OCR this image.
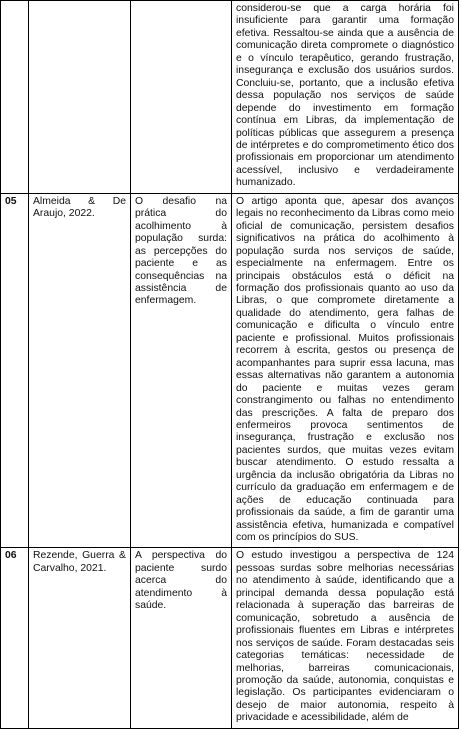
			considerou-se que a carga horária foi insuficiente para garantir uma formação efetiva. Ressaltou-se ainda que a ausência de comunicação direta compromete o diagnóstico e o vínculo terapêutico, gerando frustração, insegurança e exclusão dos usuários surdos. Concluiu-se, portanto, que a inclusão efetiva dessa população nos serviços de saúde depende do investimento em formação contínua em Libras, da implementação de políticas públicas que assegurem a presença de intérpretes e do comprometimento ético dos profissionais em proporcionar um atendimento acessível, inclusivo e verdadeiramente humanizado.
05	Almeida & De Araujo, 2022.	O desafio na prática do acolhimento à população surda: as percepções do paciente e as consequências na assistência de enfermagem.	O artigo aponta que, apesar dos avanços legais no reconhecimento da Libras como meio oficial de comunicação, persistem desafios significativos na prática do acolhimento à população surda nos serviços de saúde, especialmente na enfermagem. Entre os principais obstáculos está o déficit na formação dos profissionais quanto ao uso da Libras, o que compromete diretamente a qualidade do atendimento, gera falhas de comunicação e dificulta o vínculo entre paciente e profissional. Muitos profissionais recorrem à escrita, gestos ou presença de acompanhantes para suprir essa lacuna, mas essas alternativas não garantem a autonomia do paciente e muitas vezes geram constrangimento ou falhas no entendimento das prescrições. A falta de preparo dos enfermeiros provoca sentimentos de insegurança, frustração e exclusão nos pacientes surdos, que muitas vezes evitam buscar atendimento. O estudo ressalta a urgência da inclusão obrigatória da Libras no currículo da graduação em enfermagem e de ações de educação continuada para profissionais da saúde, a fim de garantir uma assistência efetiva, humanizada e compatível com os princípios do SUS.
06	Rezende, Guerra & Carvalho, 2021.	A perspectiva do paciente surdo acerca do atendimento à saúde.	O estudo investigou a perspectiva de 124 pessoas surdas sobre melhorias necessárias no atendimento à saúde, identificando que a principal demanda dessa população está relacionada à superação das barreiras de comunicação, sobretudo a ausência de profissionais fluentes em Libras e intérpretes nos serviços de saúde. Foram destacadas seis categorias temáticas: necessidade de melhorias, barreiras comunicacionais, promoção da saúde, autonomia, conquistas e legislação. Os participantes evidenciaram o desejo de maior autonomia, respeito à privacidade e acessibilidade, além de
